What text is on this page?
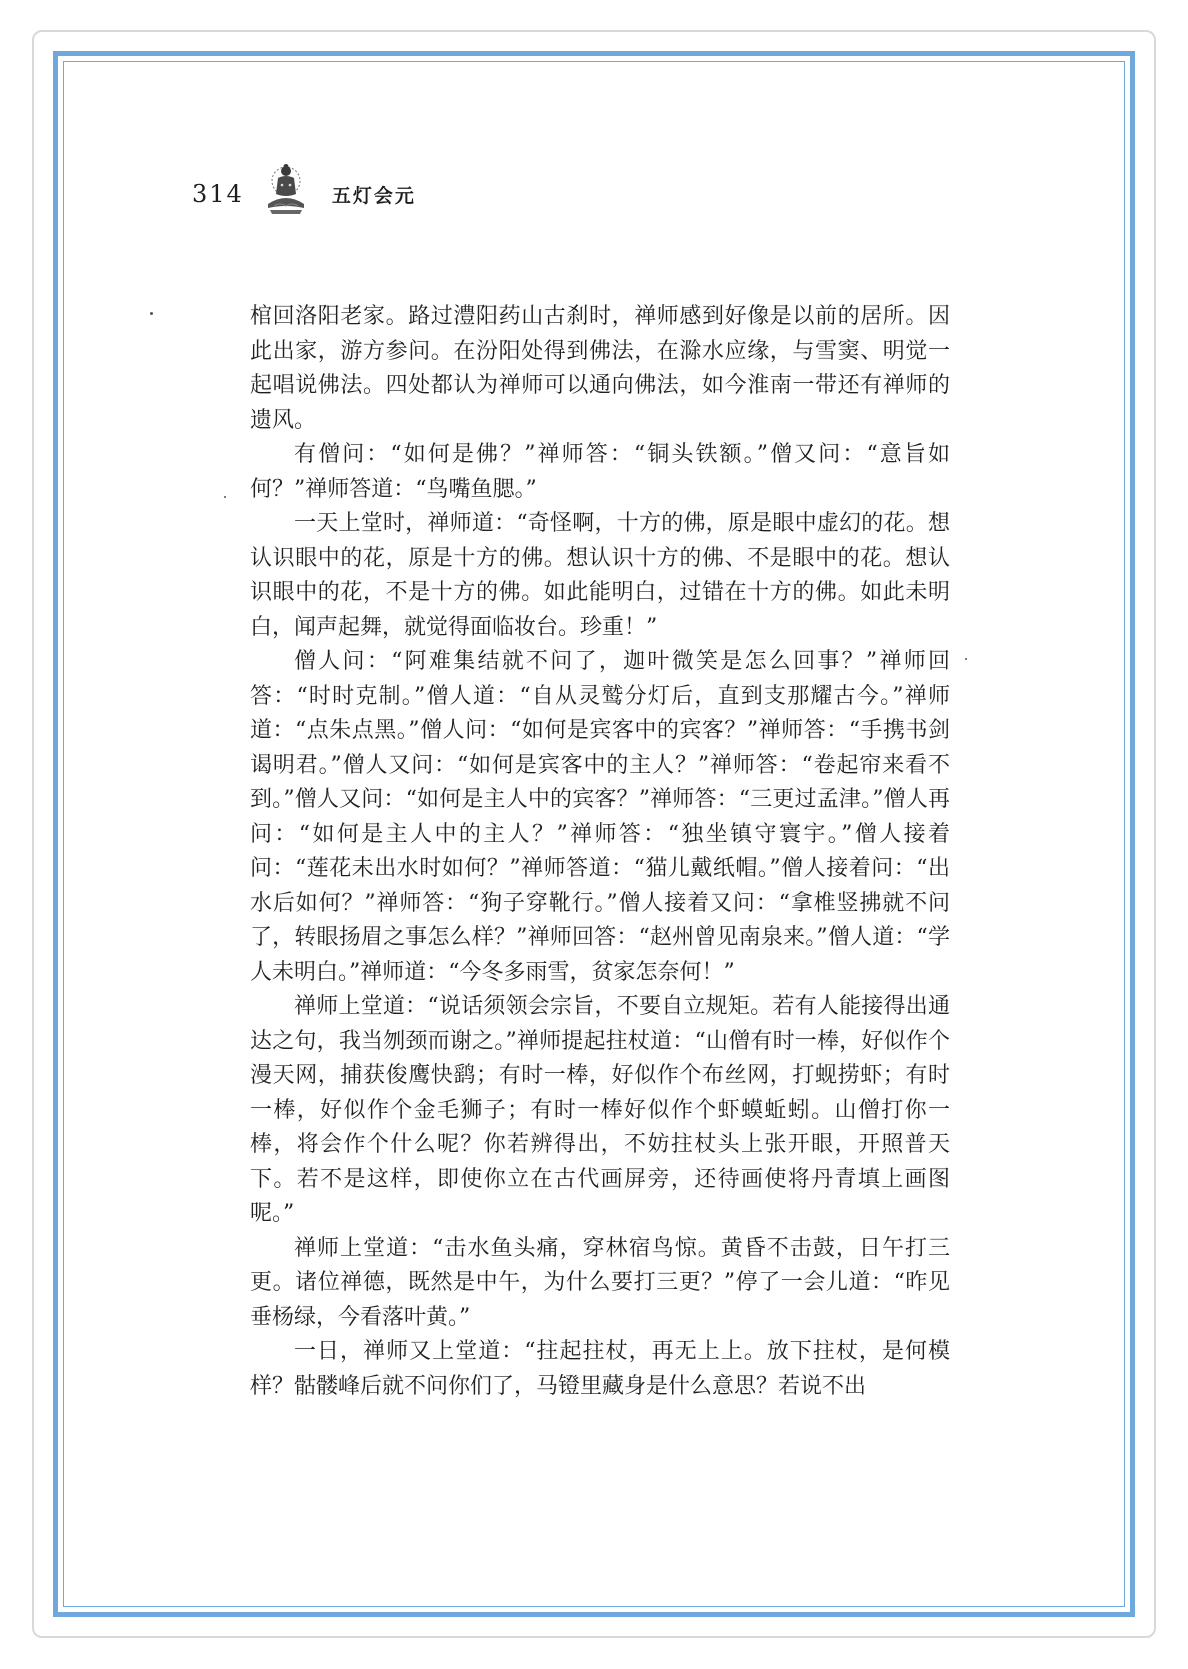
314	五灯会元

棺回洛阳老家。路过澧阳药山古刹时，禅师感到好像是以前的居所。因此出家，游方参问。在汾阳处得到佛法，在滁水应缘，与雪窦、明觉一起唱说佛法。四处都认为禅师可以通向佛法，如今淮南一带还有禅师的遗风。

有僧问：“如何是佛？”禅师答：“铜头铁额。”僧又问：“意旨如何？”禅师答道：“鸟嘴鱼腮。”

一天上堂时，禅师道：“奇怪啊，十方的佛，原是眼中虚幻的花。想认识眼中的花，原是十方的佛。想认识十方的佛、不是眼中的花。想认识眼中的花，不是十方的佛。如此能明白，过错在十方的佛。如此未明白，闻声起舞，就觉得面临妆台。珍重！”

僧人问：“阿难集结就不问了，迦叶微笑是怎么回事？”禅师回答：“时时克制。”僧人道：“自从灵鹫分灯后，直到支那耀古今。”禅师道：“点朱点黑。”僧人问：“如何是宾客中的宾客？”禅师答：“手携书剑谒明君。”僧人又问：“如何是宾客中的主人？”禅师答：“卷起帘来看不到。”僧人又问：“如何是主人中的宾客？”禅师答：“三更过孟津。”僧人再问：“如何是主人中的主人？”禅师答：“独坐镇守寰宇。”僧人接着问：“莲花未出水时如何？”禅师答道：“猫儿戴纸帽。”僧人接着问：“出水后如何？”禅师答：“狗子穿靴行。”僧人接着又问：“拿椎竖拂就不问了，转眼扬眉之事怎么样？”禅师回答：“赵州曾见南泉来。”僧人道：“学人未明白。”禅师道：“今冬多雨雪，贫家怎奈何！”

禅师上堂道：“说话须领会宗旨，不要自立规矩。若有人能接得出通达之句，我当刎颈而谢之。”禅师提起拄杖道：“山僧有时一棒，好似作个漫天网，捕获俊鹰快鹞；有时一棒，好似作个布丝网，打蚬捞虾；有时一棒，好似作个金毛狮子；有时一棒好似作个虾蟆蚯蚓。山僧打你一棒，将会作个什么呢？你若辨得出，不妨拄杖头上张开眼，开照普天下。若不是这样，即使你立在古代画屏旁，还待画使将丹青填上画图呢。”

禅师上堂道：“击水鱼头痛，穿林宿鸟惊。黄昏不击鼓，日午打三更。诸位禅德，既然是中午，为什么要打三更？”停了一会儿道：“昨见垂杨绿，今看落叶黄。”

一日，禅师又上堂道：“拄起拄杖，再无上上。放下拄杖，是何模样？骷髅峰后就不问你们了，马镫里藏身是什么意思？若说不出
